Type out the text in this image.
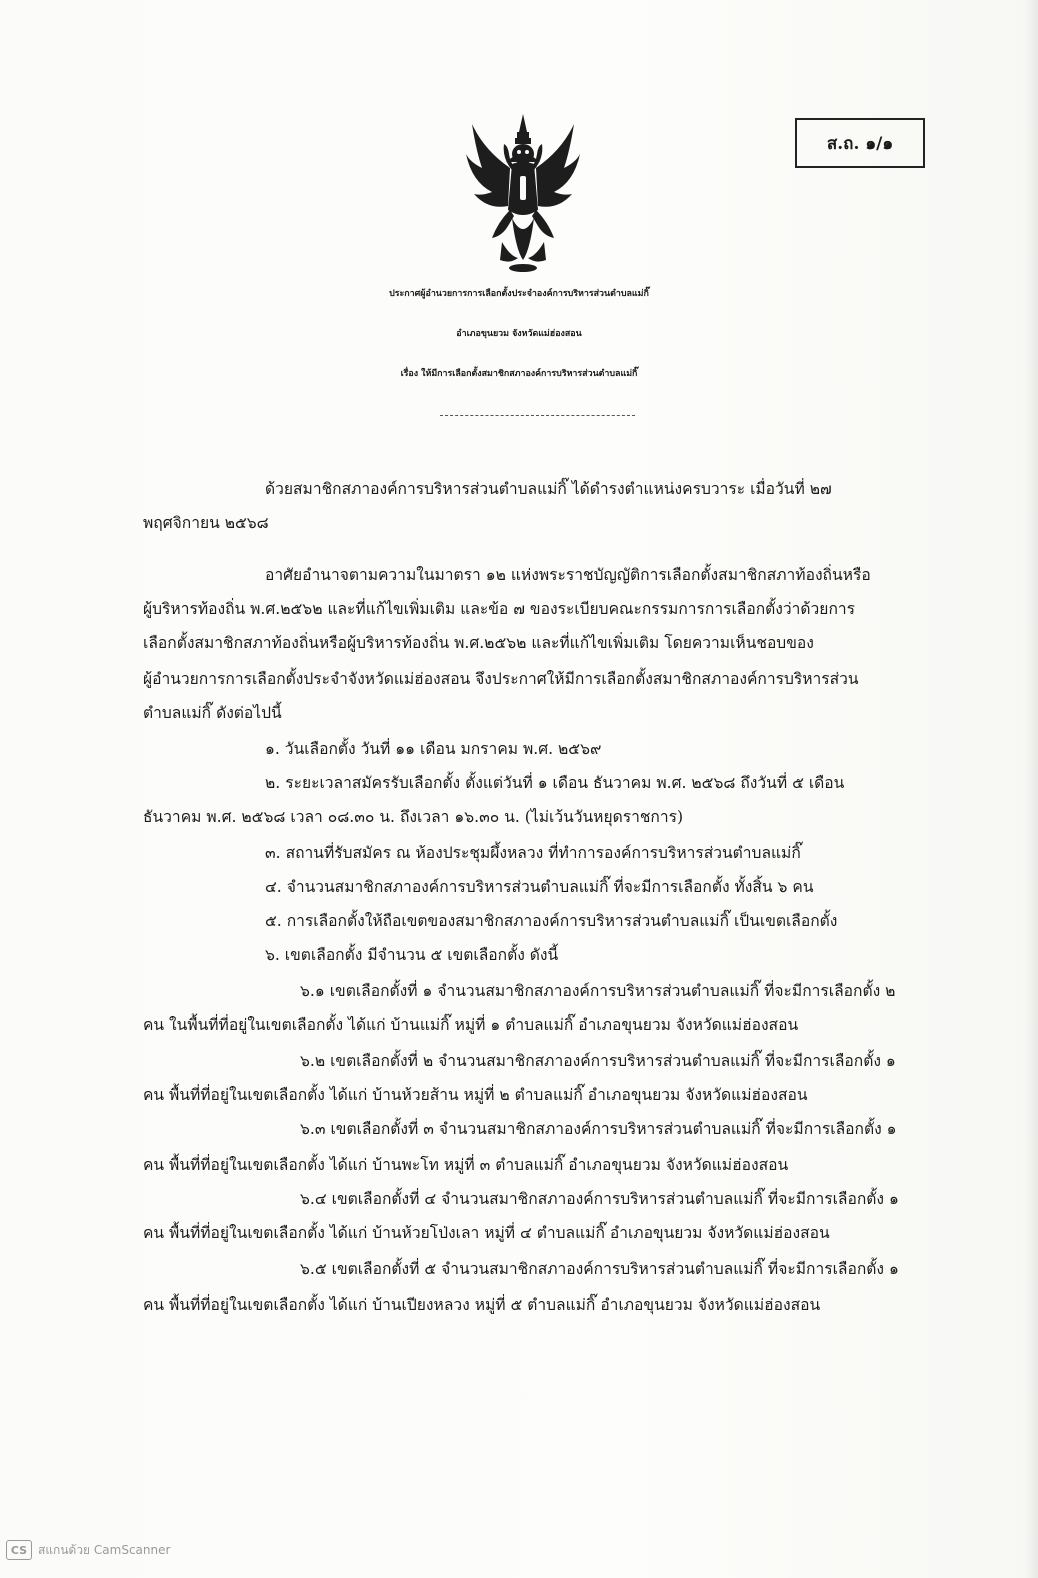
ส.ถ. ๑/๑
ประกาศผู้อำนวยการการเลือกตั้งประจำองค์การบริหารส่วนตำบลแม่กิ๊
อำเภอขุนยวม จังหวัดแม่ฮ่องสอน
เรื่อง ให้มีการเลือกตั้งสมาชิกสภาองค์การบริหารส่วนตำบลแม่กิ๊
ด้วยสมาชิกสภาองค์การบริหารส่วนตำบลแม่กิ๊ ได้ดำรงตำแหน่งครบวาระ เมื่อวันที่ ๒๗
พฤศจิกายน ๒๕๖๘
อาศัยอำนาจตามความในมาตรา ๑๒ แห่งพระราชบัญญัติการเลือกตั้งสมาชิกสภาท้องถิ่นหรือ
ผู้บริหารท้องถิ่น พ.ศ.๒๕๖๒ และที่แก้ไขเพิ่มเติม และข้อ ๗ ของระเบียบคณะกรรมการการเลือกตั้งว่าด้วยการ
เลือกตั้งสมาชิกสภาท้องถิ่นหรือผู้บริหารท้องถิ่น พ.ศ.๒๕๖๒ และที่แก้ไขเพิ่มเติม โดยความเห็นชอบของ
ผู้อำนวยการการเลือกตั้งประจำจังหวัดแม่ฮ่องสอน จึงประกาศให้มีการเลือกตั้งสมาชิกสภาองค์การบริหารส่วน
ตำบลแม่กิ๊ ดังต่อไปนี้
๑. วันเลือกตั้ง วันที่ ๑๑ เดือน มกราคม พ.ศ. ๒๕๖๙
๒. ระยะเวลาสมัครรับเลือกตั้ง ตั้งแต่วันที่ ๑ เดือน ธันวาคม พ.ศ. ๒๕๖๘ ถึงวันที่ ๕ เดือน
ธันวาคม พ.ศ. ๒๕๖๘ เวลา ๐๘.๓๐ น. ถึงเวลา ๑๖.๓๐ น. (ไม่เว้นวันหยุดราชการ)
๓. สถานที่รับสมัคร ณ ห้องประชุมผึ้งหลวง ที่ทำการองค์การบริหารส่วนตำบลแม่กิ๊
๔. จำนวนสมาชิกสภาองค์การบริหารส่วนตำบลแม่กิ๊ ที่จะมีการเลือกตั้ง ทั้งสิ้น ๖ คน
๕. การเลือกตั้งให้ถือเขตของสมาชิกสภาองค์การบริหารส่วนตำบลแม่กิ๊ เป็นเขตเลือกตั้ง
๖. เขตเลือกตั้ง มีจำนวน ๕ เขตเลือกตั้ง ดังนี้
๖.๑ เขตเลือกตั้งที่ ๑ จำนวนสมาชิกสภาองค์การบริหารส่วนตำบลแม่กิ๊ ที่จะมีการเลือกตั้ง ๒
คน ในพื้นที่ที่อยู่ในเขตเลือกตั้ง ได้แก่ บ้านแม่กิ๊ หมู่ที่ ๑ ตำบลแม่กิ๊ อำเภอขุนยวม จังหวัดแม่ฮ่องสอน
๖.๒ เขตเลือกตั้งที่ ๒ จำนวนสมาชิกสภาองค์การบริหารส่วนตำบลแม่กิ๊ ที่จะมีการเลือกตั้ง ๑
คน พื้นที่ที่อยู่ในเขตเลือกตั้ง ได้แก่ บ้านห้วยส้าน หมู่ที่ ๒ ตำบลแม่กิ๊ อำเภอขุนยวม จังหวัดแม่ฮ่องสอน
๖.๓ เขตเลือกตั้งที่ ๓ จำนวนสมาชิกสภาองค์การบริหารส่วนตำบลแม่กิ๊ ที่จะมีการเลือกตั้ง ๑
คน พื้นที่ที่อยู่ในเขตเลือกตั้ง ได้แก่ บ้านพะโท หมู่ที่ ๓ ตำบลแม่กิ๊ อำเภอขุนยวม จังหวัดแม่ฮ่องสอน
๖.๔ เขตเลือกตั้งที่ ๔ จำนวนสมาชิกสภาองค์การบริหารส่วนตำบลแม่กิ๊ ที่จะมีการเลือกตั้ง ๑
คน พื้นที่ที่อยู่ในเขตเลือกตั้ง ได้แก่ บ้านห้วยโป่งเลา หมู่ที่ ๔ ตำบลแม่กิ๊ อำเภอขุนยวม จังหวัดแม่ฮ่องสอน
๖.๕ เขตเลือกตั้งที่ ๕ จำนวนสมาชิกสภาองค์การบริหารส่วนตำบลแม่กิ๊ ที่จะมีการเลือกตั้ง ๑
คน พื้นที่ที่อยู่ในเขตเลือกตั้ง ได้แก่ บ้านเปียงหลวง หมู่ที่ ๕ ตำบลแม่กิ๊ อำเภอขุนยวม จังหวัดแม่ฮ่องสอน
CS สแกนด้วย CamScanner
